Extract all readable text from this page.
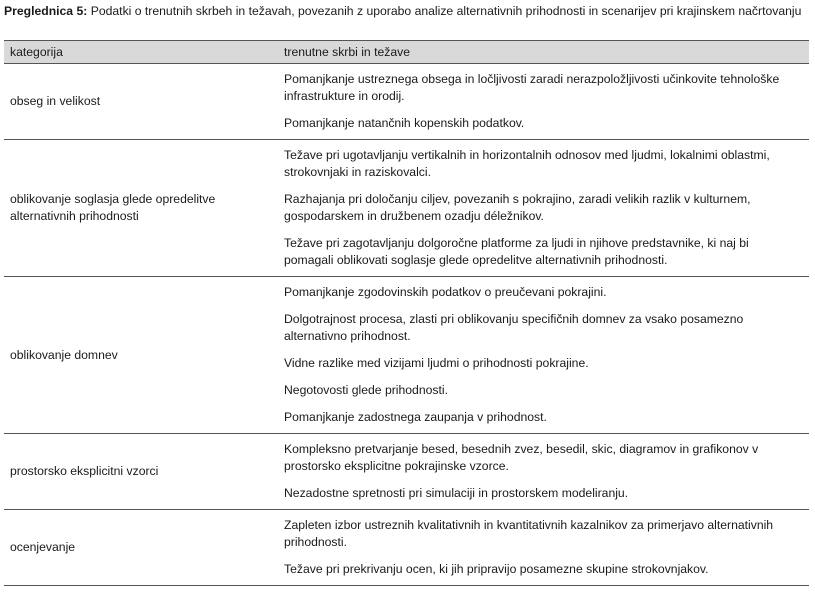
Preglednica 5: Podatki o trenutnih skrbeh in težavah, povezanih z uporabo analize alternativnih prihodnosti in scenarijev pri krajinskem načrtovanju
kategorija	trenutne skrbi in težave
obseg in velikost
Pomanjkanje ustreznega obsega in ločljivosti zaradi nerazpoložljivosti učinkovite tehnološke infrastrukture in orodij.
Pomanjkanje natančnih kopenskih podatkov.
oblikovanje soglasja glede opredelitve alternativnih prihodnosti
Težave pri ugotavljanju vertikalnih in horizontalnih odnosov med ljudmi, lokalnimi oblastmi, strokovnjaki in raziskovalci.
Razhajanja pri določanju ciljev, povezanih s pokrajino, zaradi velikih razlik v kulturnem, gospodarskem in družbenem ozadju déležnikov.
Težave pri zagotavljanju dolgoročne platforme za ljudi in njihove predstavnike, ki naj bi pomagali oblikovati soglasje glede opredelitve alternativnih prihodnosti.
oblikovanje domnev
Pomanjkanje zgodovinskih podatkov o preučevani pokrajini.
Dolgotrajnost procesa, zlasti pri oblikovanju specifičnih domnev za vsako posamezno alternativno prihodnost.
Vidne razlike med vizijami ljudmi o prihodnosti pokrajine.
Negotovosti glede prihodnosti.
Pomanjkanje zadostnega zaupanja v prihodnost.
prostorsko eksplicitni vzorci
Kompleksno pretvarjanje besed, besednih zvez, besedil, skic, diagramov in grafikonov v prostorsko eksplicitne pokrajinske vzorce.
Nezadostne spretnosti pri simulaciji in prostorskem modeliranju.
ocenjevanje
Zapleten izbor ustreznih kvalitativnih in kvantitativnih kazalnikov za primerjavo alternativnih prihodnosti.
Težave pri prekrivanju ocen, ki jih pripravijo posamezne skupine strokovnjakov.
